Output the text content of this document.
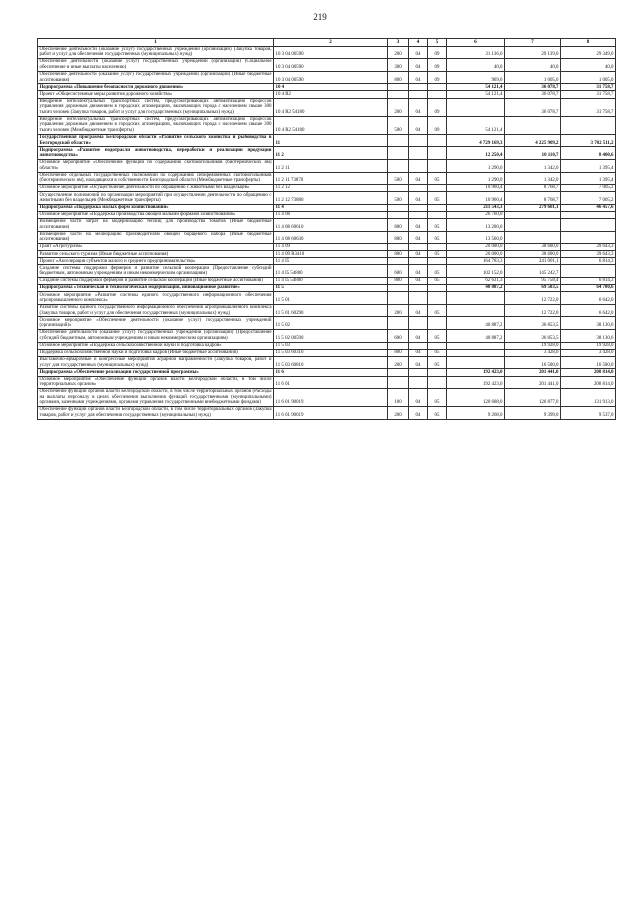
219
1	2	3	4	5	6	7	8
Обеспечение деятельности (оказание услуг) государственных учреждений (организаций) (Закупка товаров, работ и услуг для обеспечения государственных (муниципальных) нужд)	10 3 04 00590	200	04	09	31 136,0	29 139,0	29 349,0
Обеспечение деятельности (оказание услуг) государственных учреждений (организаций) (Социальное обеспечение и иные выплаты населению)	10 3 04 00590	300	04	09	40,0	40,0	40,0
Обеспечение деятельности (оказание услуг) государственных учреждений (организаций) (Иные бюджетные ассигнования)	10 3 04 00590	800	04	09	969,0	1 005,0	1 005,0
Подпрограмма «Повышение безопасности дорожного движения»	10 4				54 121,4	36 078,7	31 758,7
Проект «Общесистемные меры развития дорожного хозяйства»	10 4 R2				54 121,4	36 078,7	31 758,7
Внедрение интеллектуальных транспортных систем, предусматривающих автоматизацию процессов управления дорожным движением в городских агломерациях, включающих города с населением свыше 300 тысяч человек (Закупка товаров, работ и услуг для государственных (муниципальных) нужд)	10 4 R2 54180	200	04	09		36 078,7	31 758,7
Внедрение интеллектуальных транспортных систем, предусматривающих автоматизацию процессов управления дорожным движением в городских агломерациях, включающих города с населением свыше 300 тысяч человек (Межбюджетные трансферты)	10 4 R2 54180	500	04	09	54 121,4		
Государственная программа Белгородской области «Развитие сельского хозяйства и рыбоводства в Белгородской области»	11				4 729 169,3	4 225 909,2	3 702 511,2
Подпрограмма «Развитие подотрасли животноводства, переработки и реализации продукции животноводства»	11 2				12 250,4	10 110,7	8 400,6
Основное мероприятие «Обеспечение функций по содержанию скотомогильников (биотермических ям) области»	11 2 11				1 290,0	1 342,0	1 395,4
Обеспечение отдельных государственных полномочий по содержанию сибиреязвенных скотомогильников (биотермических ям), находящихся в собственности Белгородской области (Межбюджетные трансферты)	11 2 11 73870	500	04	05	1 290,0	1 342,0	1 395,4
Основное мероприятие «Осуществление деятельности по обращению с животными без владельцев»	11 2 12				10 960,4	8 768,7	7 005,2
Осуществление полномочий по организации мероприятий при осуществлении деятельности по обращению с животными без владельцев (Межбюджетные трансферты)	11 2 12 73880	500	04	05	10 960,4	8 768,7	7 005,2
Подпрограмма «Поддержка малых форм хозяйствования»	11 4				211 543,3	279 601,1	46 457,6
Основное мероприятие «Поддержка производства овощей малыми формами хозяйствования»	11 4 08				26 760,0		
Возмещение части затрат на модернизацию теплиц для производства томатов (Иные бюджетные ассигнования)	11 4 08 60610	800	04	05	13 200,0		
Возмещение части на мелиорацию производителям овощей борщевого набора (Иные бюджетные ассигнования)	11 4 08 60630	800	04	05	13 560,0		
Грант «Агротуризм»	11 4 09				20 000,0	38 600,0	39 643,3
Развитие сельского туризма (Иные бюджетные ассигнования)	11 4 09 R3410	800	04	05	20 000,0	38 600,0	39 643,3
Проект «Акселерация субъектов малого и среднего предпринимательства»	11 4 I5				164 783,3	241 001,1	6 814,3
Создание системы поддержки фермеров и развитие сельской кооперации (Предоставление субсидий бюджетным, автономным учреждениям и иным некоммерческим организациям)	11 4 I5 54800	600	04	05	102 152,0	145 242,7	
Создание системы поддержки фермеров и развитие сельской кооперации (Иные бюджетные ассигнования)	11 4 I5 54800	800	04	05	62 631,3	95 758,4	6 814,3
Подпрограмма «Техническая и технологическая модернизация, инновационное развитие»	11 5				40 887,2	69 503,5	64 700,6
Основное мероприятие «Развитие системы единого государственного информационного обеспечения агропромышленного комплекса»	11 5 01					12 722,0	6 642,0
Развитие системы единого государственного информационного обеспечения агропромышленного комплекса (Закупка товаров, работ и услуг для обеспечения государственных (муниципальных) нужд)	11 5 01 60290	200	04	05		12 722,0	6 642,0
Основное мероприятие «Обеспечение деятельности (оказание услуг) государственных учреждений (организаций)»	11 5 02				40 887,2	36 853,5	38 130,6
Обеспечение деятельности (оказание услуг) государственных учреждений (организаций) (Предоставление субсидий бюджетным, автономным учреждениям и иным некоммерческим организациям)	11 5 02 00590	600	04	05	40 887,2	36 853,5	38 130,6
Основное мероприятие «Поддержка сельскохозяйственной науки и подготовка кадров»	11 5 03					19 928,0	19 928,0
Поддержка сельскохозяйственной науки и подготовка кадров (Иные бюджетные ассигнования)	11 5 03 60310	800	04	05		3 428,0	3 428,0
Выставочно-ярмарочные и конгрессные мероприятия аграрной направленности (Закупка товаров, работ и услуг для государственных (муниципальных) нужд)	11 5 03 60810	200	04	05		16 500,0	16 500,0
Подпрограмма «Обеспечение реализации государственной программы»	11 6				192 423,0	201 441,0	208 814,0
Основное мероприятие «Обеспечение функций органов власти Белгородской области, в том числе территориальных органов»	11 6 01				192 423,0	201 441,0	208 814,0
Обеспечение функций органов власти Белгородской области, в том числе территориальных органов (Расходы на выплаты персоналу в целях обеспечения выполнения функций государственными (муниципальными) органами, казенными учреждениями, органами управления государственными внебюджетными фондами)	11 6 01 90019	100	04	05	120 688,0	126 877,0	131 913,0
Обеспечение функций органов власти Белгородской области, в том числе территориальных органов (Закупка товаров, работ и услуг для обеспечения государственных (муниципальных) нужд)	11 6 01 90019	200	04	05	9 268,0	9 399,0	9 537,0
